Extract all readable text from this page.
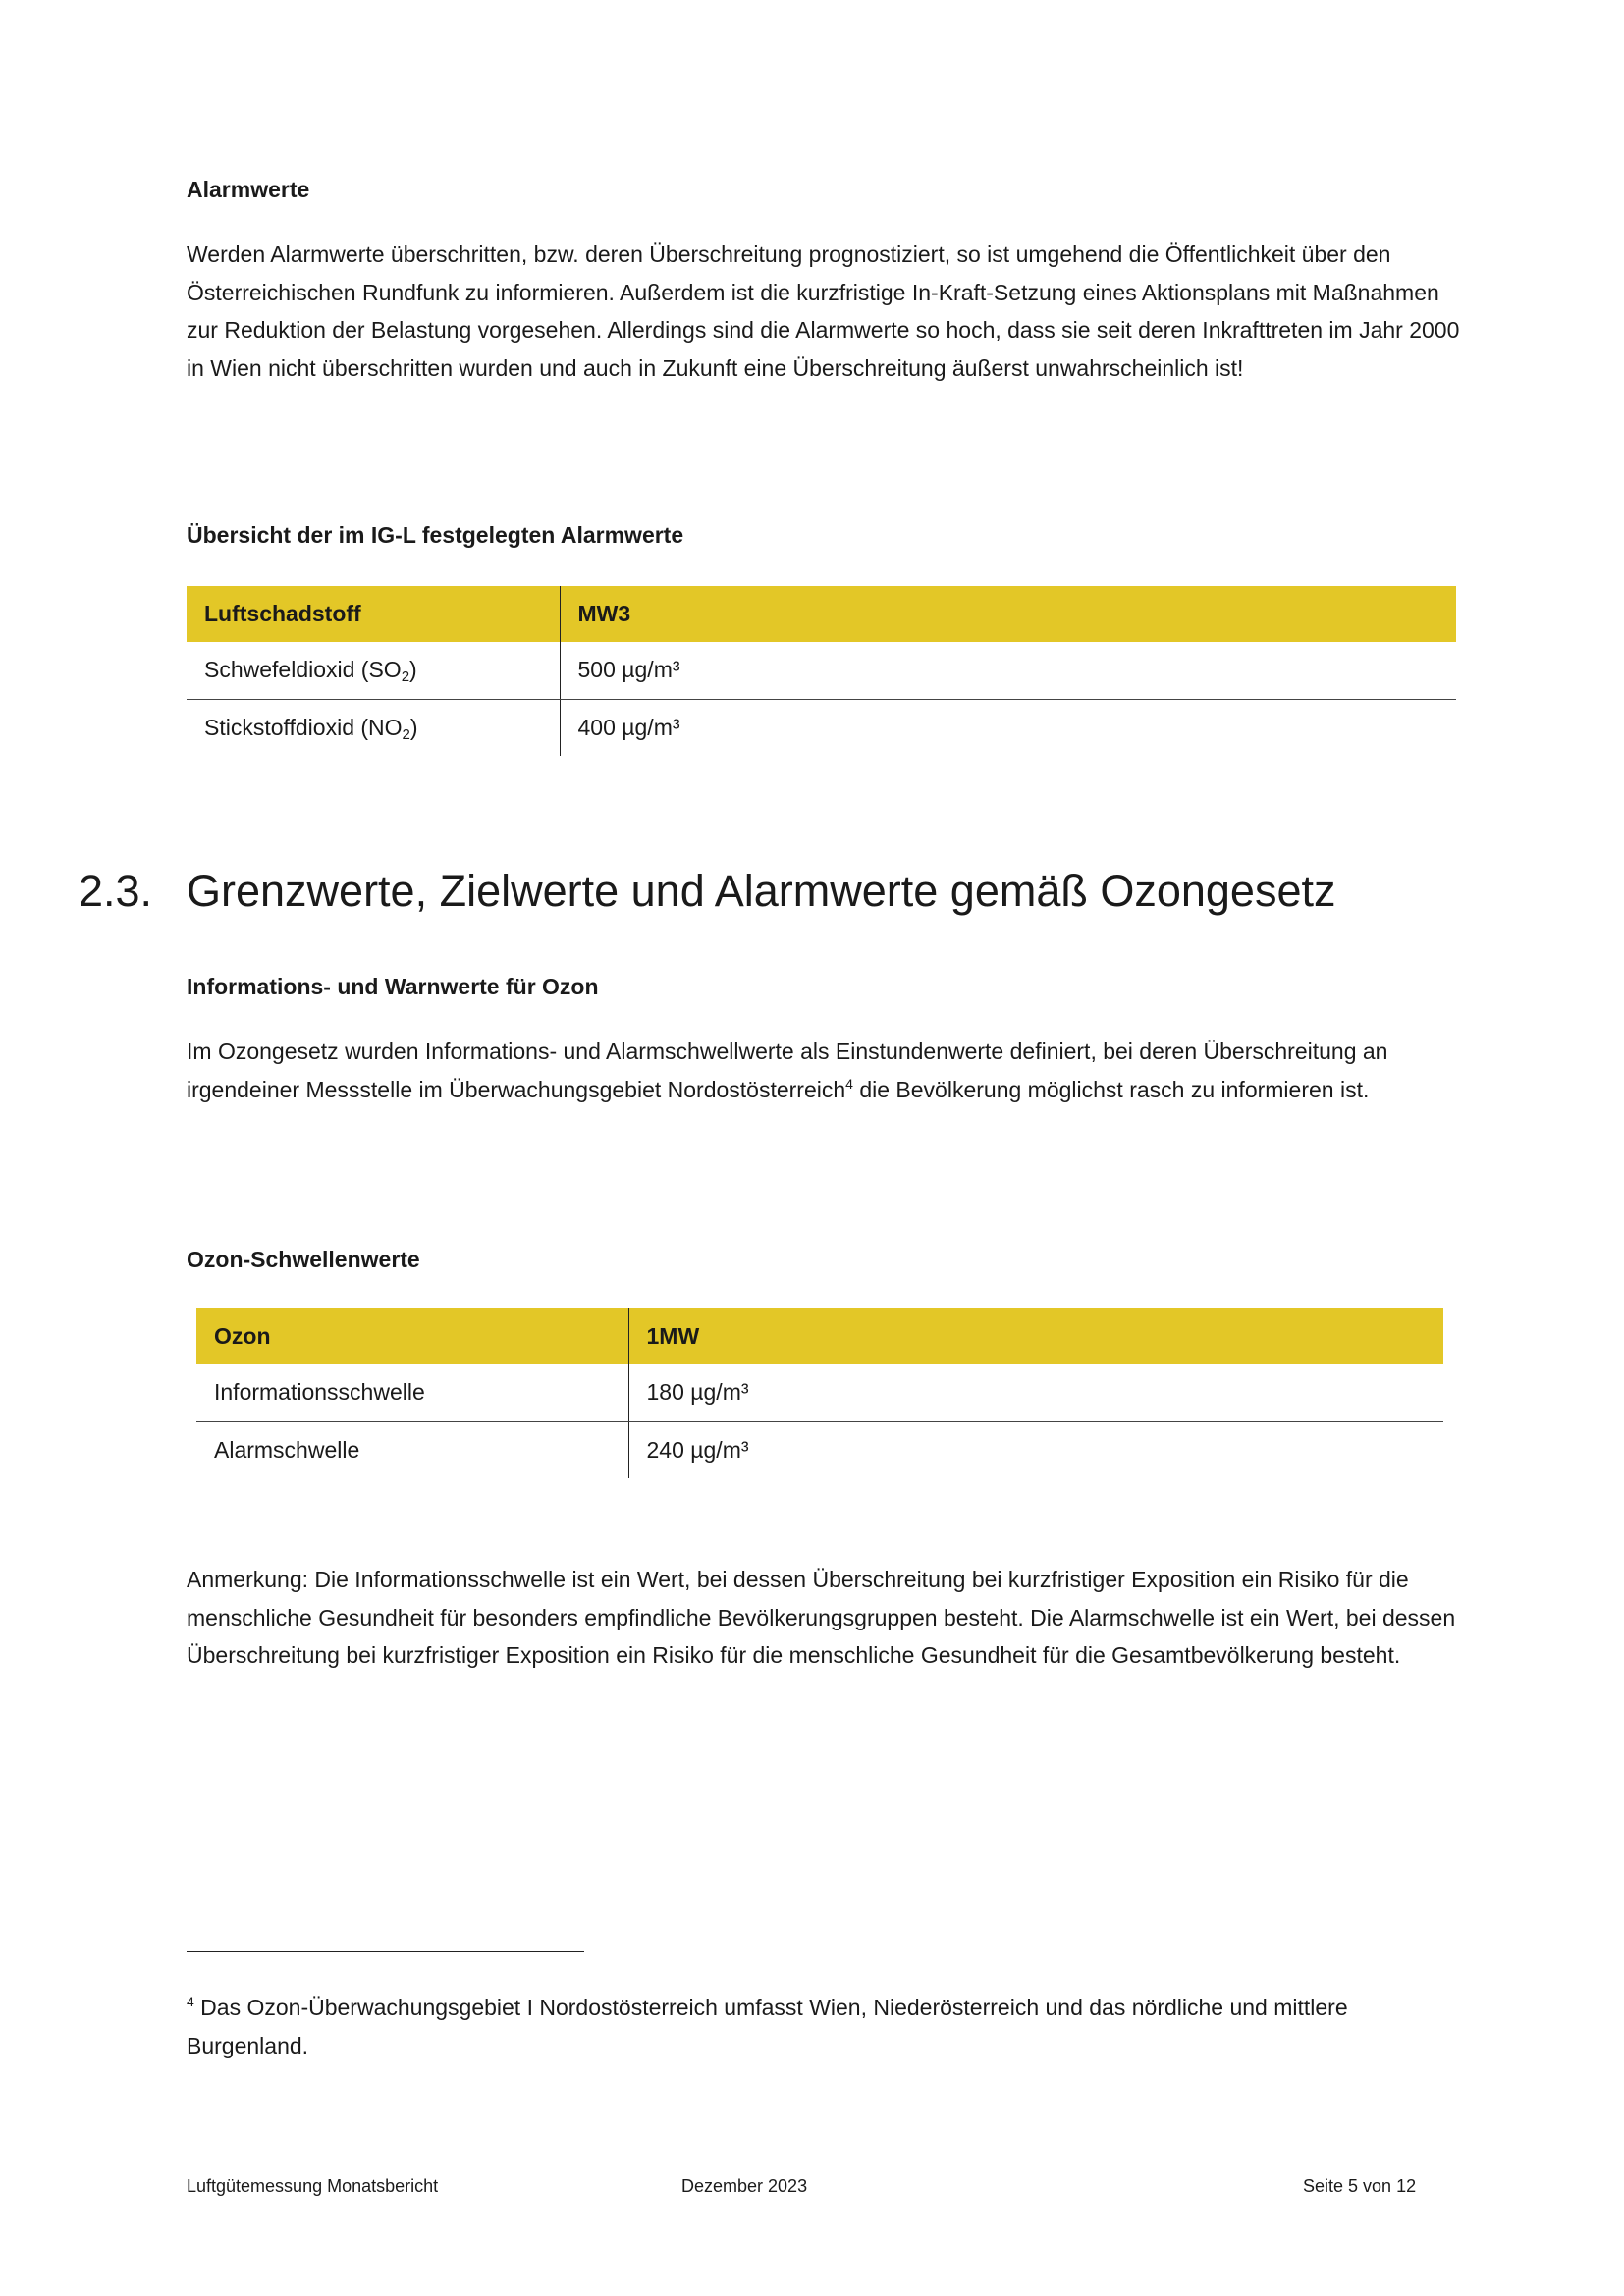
Alarmwerte
Werden Alarmwerte überschritten, bzw. deren Überschreitung prognostiziert, so ist umgehend die Öffentlichkeit über den Österreichischen Rundfunk zu informieren. Außerdem ist die kurzfristige In-Kraft-Setzung eines Aktionsplans mit Maßnahmen zur Reduktion der Belastung vorgesehen. Allerdings sind die Alarmwerte so hoch, dass sie seit deren Inkrafttreten im Jahr 2000 in Wien nicht überschritten wurden und auch in Zukunft eine Überschreitung äußerst unwahrscheinlich ist!
Übersicht der im IG-L festgelegten Alarmwerte
Luftschadstoff	MW3
Schwefeldioxid $(SO_2)$	500 µg/m³
Stickstoffdioxid $(NO_2)$	400 µg/m³
2.3. Grenzwerte, Zielwerte und Alarmwerte gemäß Ozongesetz
Informations- und Warnwerte für Ozon
Im Ozongesetz wurden Informations- und Alarmschwellwerte als Einstundenwerte definiert, bei deren Überschreitung an irgendeiner Messstelle im Überwachungsgebiet Nordostösterreich$^4$ die Bevölkerung möglichst rasch zu informieren ist.
Ozon-Schwellenwerte
Ozon	1MW
Informationsschwelle	180 µg/m³
Alarmschwelle	240 µg/m³
Anmerkung: Die Informationsschwelle ist ein Wert, bei dessen Überschreitung bei kurzfristiger Exposition ein Risiko für die menschliche Gesundheit für besonders empfindliche Bevölkerungsgruppen besteht. Die Alarmschwelle ist ein Wert, bei dessen Überschreitung bei kurzfristiger Exposition ein Risiko für die menschliche Gesundheit für die Gesamtbevölkerung besteht.
$^4$ Das Ozon-Überwachungsgebiet I Nordostösterreich umfasst Wien, Niederösterreich und das nördliche und mittlere Burgenland.
Luftgütemessung Monatsbericht	Dezember 2023	Seite 5 von 12
